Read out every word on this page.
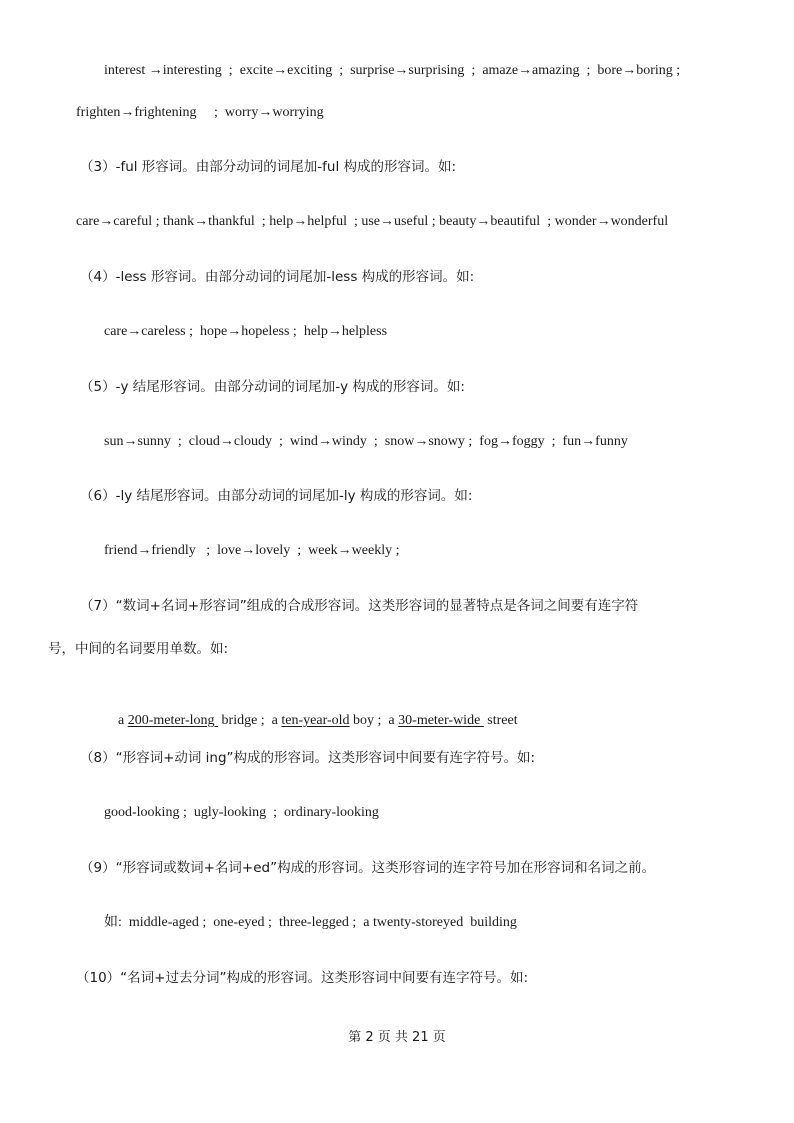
interest →interesting  ;  excite→exciting  ;  surprise→surprising  ;  amaze→amazing  ;  bore→boring ;
frighten→frightening     ;  worry→worrying
（3）-ful 形容词。由部分动词的词尾加-ful 构成的形容词。如:
care→careful ; thank→thankful  ; help→helpful  ; use→useful ; beauty→beautiful  ; wonder→wonderful
（4）-less 形容词。由部分动词的词尾加-less 构成的形容词。如:
care→careless ;  hope→hopeless ;  help→helpless
（5）-y 结尾形容词。由部分动词的词尾加-y 构成的形容词。如:
sun→sunny  ;  cloud→cloudy  ;  wind→windy  ;  snow→snowy ;  fog→foggy  ;  fun→funny
（6）-ly 结尾形容词。由部分动词的词尾加-ly 构成的形容词。如:
friend→friendly   ;  love→lovely  ;  week→weekly ;
（7）“数词+名词+形容词”组成的合成形容词。这类形容词的显著特点是各词之间要有连字符
号，中间的名词要用单数。如:

a 200-meter-long  bridge ;  a ten-year-old boy ;  a 30-meter-wide  street

（8）“形容词+动词 ing”构成的形容词。这类形容词中间要有连字符号。如:
good-looking ;  ugly-looking  ;  ordinary-looking
（9）“形容词或数词+名词+ed”构成的形容词。这类形容词的连字符号加在形容词和名词之前。
如:  middle-aged ;  one-eyed ;  three-legged ;  a twenty-storeyed  building
（10）“名词+过去分词”构成的形容词。这类形容词中间要有连字符号。如:
第 2 页 共 21 页
